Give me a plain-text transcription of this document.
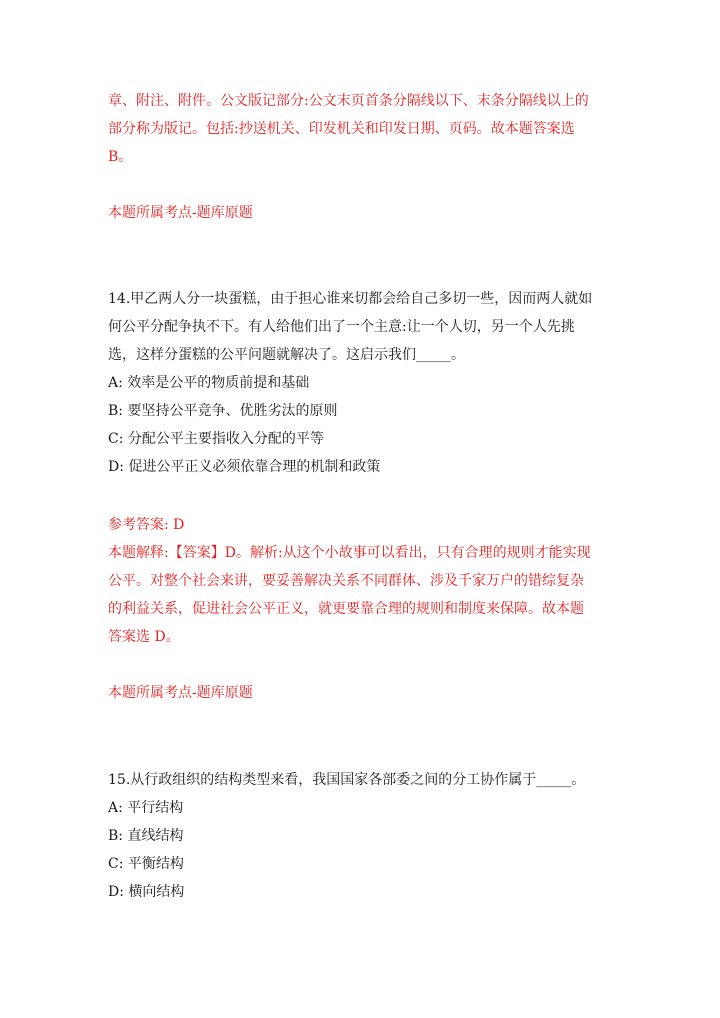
章、附注、附件。公文版记部分:公文末页首条分隔线以下、末条分隔线以上的
部分称为版记。包括:抄送机关、印发机关和印发日期、页码。故本题答案选
B。
本题所属考点-题库原题
14.甲乙两人分一块蛋糕，由于担心谁来切都会给自己多切一些，因而两人就如
何公平分配争执不下。有人给他们出了一个主意:让一个人切，另一个人先挑
选，这样分蛋糕的公平问题就解决了。这启示我们_____。
A: 效率是公平的物质前提和基础
B: 要坚持公平竞争、优胜劣汰的原则
C: 分配公平主要指收入分配的平等
D: 促进公平正义必须依靠合理的机制和政策
参考答案: D
本题解释:【答案】D。解析:从这个小故事可以看出，只有合理的规则才能实现
公平。对整个社会来讲，要妥善解决关系不同群体、涉及千家万户的错综复杂
的利益关系，促进社会公平正义，就更要靠合理的规则和制度来保障。故本题
答案选 D。
本题所属考点-题库原题
15.从行政组织的结构类型来看，我国国家各部委之间的分工协作属于_____。
A: 平行结构
B: 直线结构
C: 平衡结构
D: 横向结构
